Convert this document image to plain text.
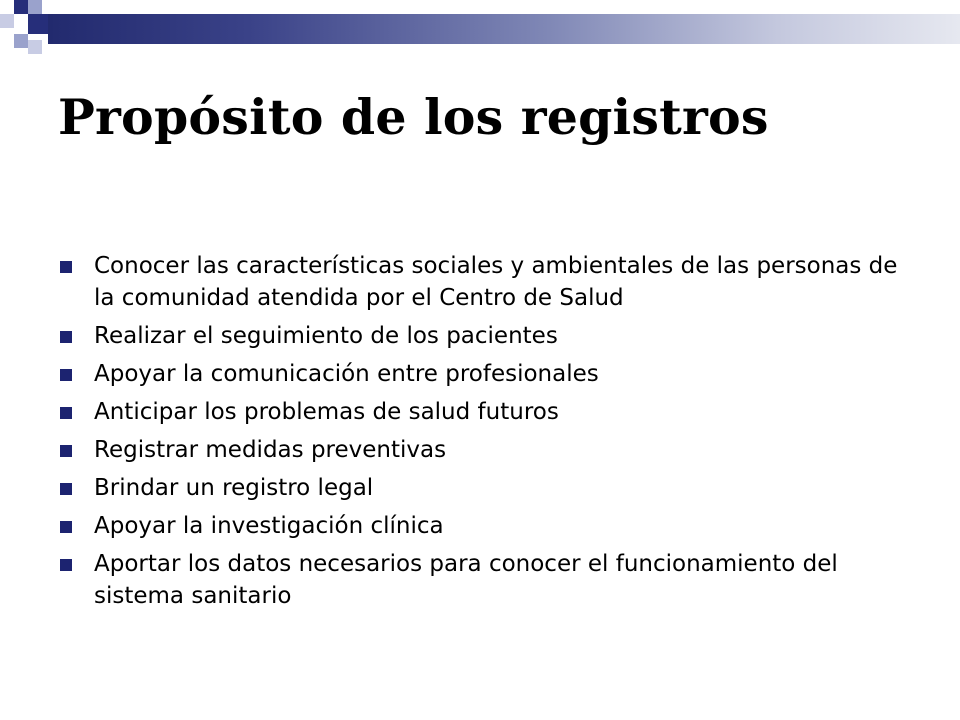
Propósito de los registros
Conocer las características sociales y ambientales de las personas de la comunidad atendida por el Centro de Salud
Realizar el seguimiento de los pacientes
Apoyar la comunicación entre profesionales
Anticipar los problemas de salud futuros
Registrar medidas preventivas
Brindar un registro legal
Apoyar la investigación clínica
Aportar los datos necesarios para conocer el funcionamiento del sistema sanitario
